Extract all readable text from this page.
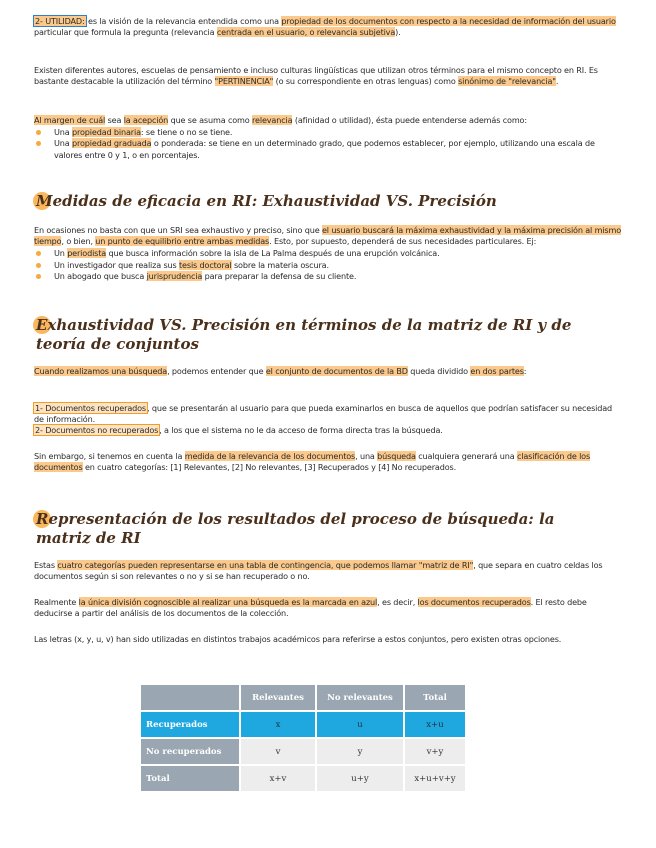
2- UTILIDAD: es la visión de la relevancia entendida como una propiedad de los documentos con respecto a la necesidad de información del usuario particular que formula la pregunta (relevancia centrada en el usuario, o relevancia subjetiva).
Existen diferentes autores, escuelas de pensamiento e incluso culturas lingüísticas que utilizan otros términos para el mismo concepto en RI. Es bastante destacable la utilización del término "PERTINENCIA" (o su correspondiente en otras lenguas) como sinónimo de "relevancia".
Al margen de cuál sea la acepción que se asuma como relevancia (afinidad o utilidad), ésta puede entenderse además como:
Una propiedad binaria: se tiene o no se tiene.
Una propiedad graduada o ponderada: se tiene en un determinado grado, que podemos establecer, por ejemplo, utilizando una escala de valores entre 0 y 1, o en porcentajes.
Medidas de eficacia en RI: Exhaustividad VS. Precisión
En ocasiones no basta con que un SRI sea exhaustivo y preciso, sino que el usuario buscará la máxima exhaustividad y la máxima precisión al mismo tiempo, o bien, un punto de equilibrio entre ambas medidas. Esto, por supuesto, dependerá de sus necesidades particulares. Ej:
Un periodista que busca información sobre la isla de La Palma después de una erupción volcánica.
Un investigador que realiza sus tesis doctoral sobre la materia oscura.
Un abogado que busca jurisprudencia para preparar la defensa de su cliente.
Exhaustividad VS. Precisión en términos de la matriz de RI y de teoría de conjuntos
Cuando realizamos una búsqueda, podemos entender que el conjunto de documentos de la BD queda dividido en dos partes:
1- Documentos recuperados, que se presentarán al usuario para que pueda examinarlos en busca de aquellos que podrían satisfacer su necesidad de información.
2- Documentos no recuperados, a los que el sistema no le da acceso de forma directa tras la búsqueda.
Sin embargo, si tenemos en cuenta la medida de la relevancia de los documentos, una búsqueda cualquiera generará una clasificación de los documentos en cuatro categorías: [1] Relevantes, [2] No relevantes, [3] Recuperados y [4] No recuperados.
Representación de los resultados del proceso de búsqueda: la matriz de RI
Estas cuatro categorías pueden representarse en una tabla de contingencia, que podemos llamar "matriz de RI", que separa en cuatro celdas los documentos según si son relevantes o no y si se han recuperado o no.
Realmente la única división cognoscible al realizar una búsqueda es la marcada en azul, es decir, los documentos recuperados. El resto debe deducirse a partir del análisis de los documentos de la colección.
Las letras (x, y, u, v) han sido utilizadas en distintos trabajos académicos para referirse a estos conjuntos, pero existen otras opciones.
	Relevantes	No relevantes	Total
Recuperados	x	u	x+u
No recuperados	v	y	v+y
Total	x+v	u+y	x+u+v+y
